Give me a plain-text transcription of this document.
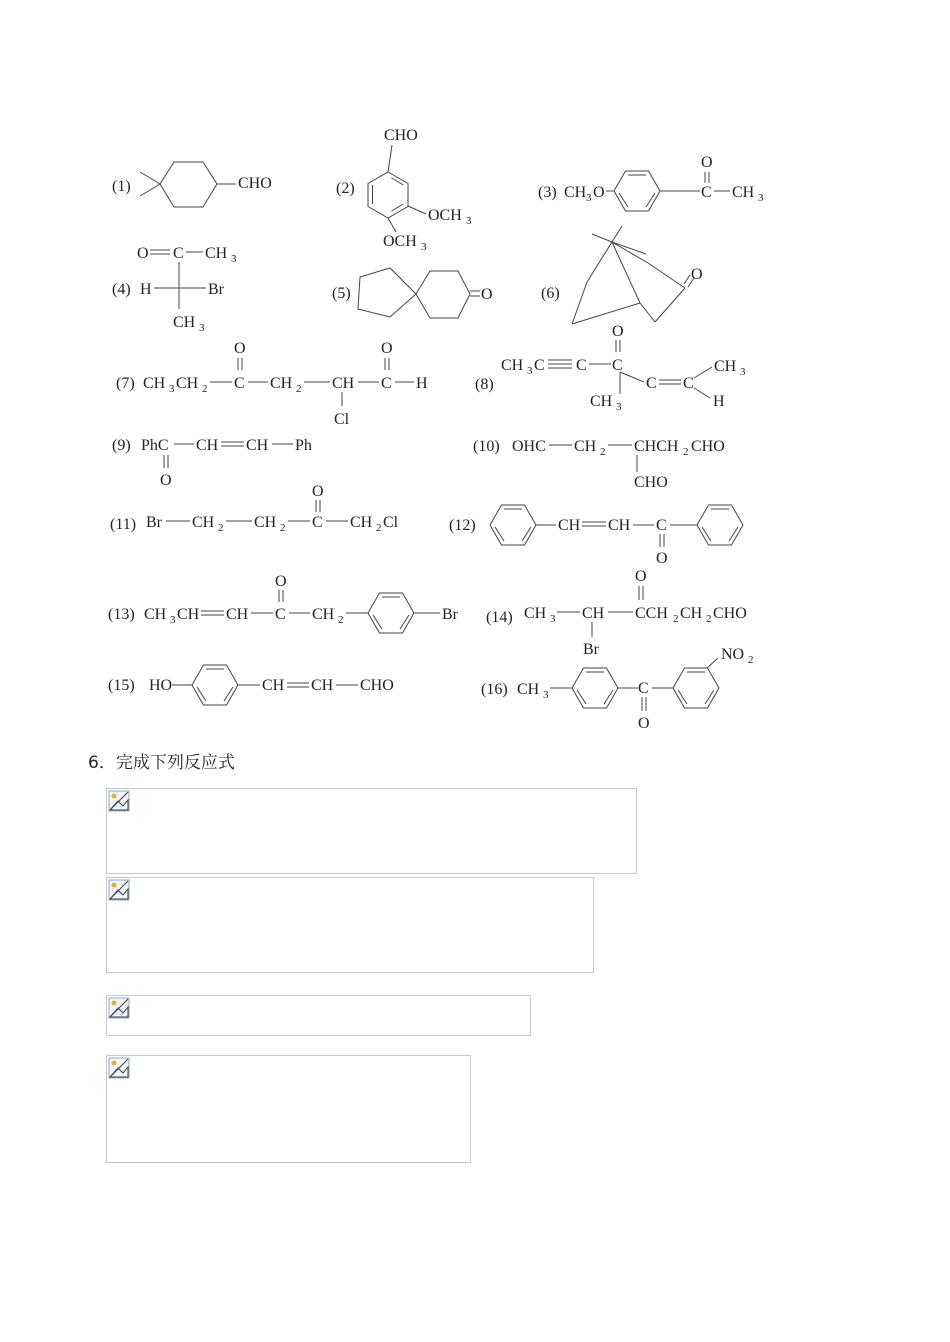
(1)	CHO	(2)
CHO
OCH 3
OCH 3
(3) CH 3 O
O
C CH 3
O C CH 3
(4) H	Br
CH 3
(5)	O	(6)
O
(7) CH 3 CH 2
O
C CH 2 CH
Cl
O
C H	(8)
CH 3 C C
O
C
CH 3
C C
CH 3
H
(9) PhC
O
CH CH Ph	(10) OHC CH 2 CHCH 2 CHO
CHO
(11) Br CH 2 CH 2
O
C CH 2 Cl	(12)	CH CH C
O
(13) CH 3 CH CH
O
C CH 2	Br (14) CH 3 CH
Br
O
CCH 2 CH 2 CHO
(15) HO	CH CH CHO	(16) CH 3	C
O
NO 2
6．完成下列反应式
